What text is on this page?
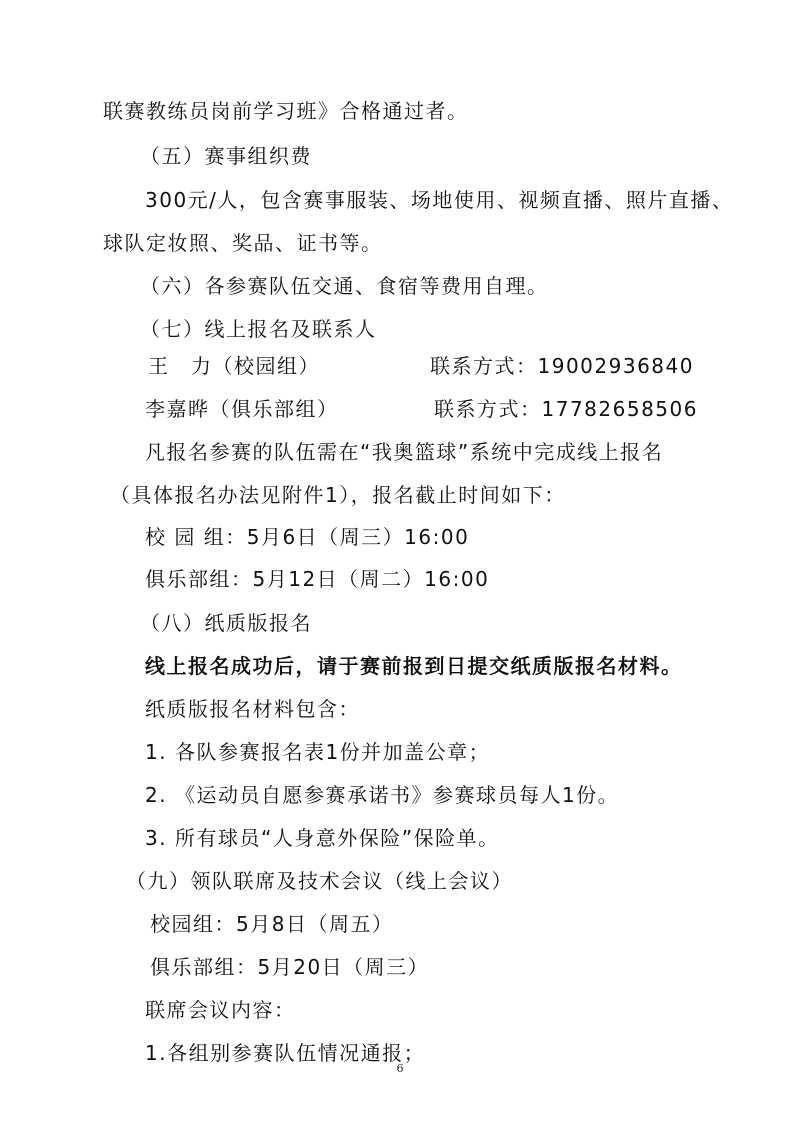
联赛教练员岗前学习班》合格通过者。
（五）赛事组织费
300元/人，包含赛事服装、场地使用、视频直播、照片直播、
球队定妆照、奖品、证书等。
（六）各参赛队伍交通、食宿等费用自理。
（七）线上报名及联系人
王　力（校园组）	联系方式：19002936840
李嘉晔（俱乐部组）	联系方式：17782658506
凡报名参赛的队伍需在“我奥篮球”系统中完成线上报名
（具体报名办法见附件1），报名截止时间如下：
校 园 组：5月6日（周三）16:00
俱乐部组：5月12日（周二）16:00
（八）纸质版报名
线上报名成功后，请于赛前报到日提交纸质版报名材料。
纸质版报名材料包含：
1. 各队参赛报名表1份并加盖公章；
2. 《运动员自愿参赛承诺书》参赛球员每人1份。
3. 所有球员“人身意外保险”保险单。
（九）领队联席及技术会议（线上会议）
校园组：5月8日（周五）
俱乐部组：5月20日（周三）
联席会议内容：
1.各组别参赛队伍情况通报；
6
